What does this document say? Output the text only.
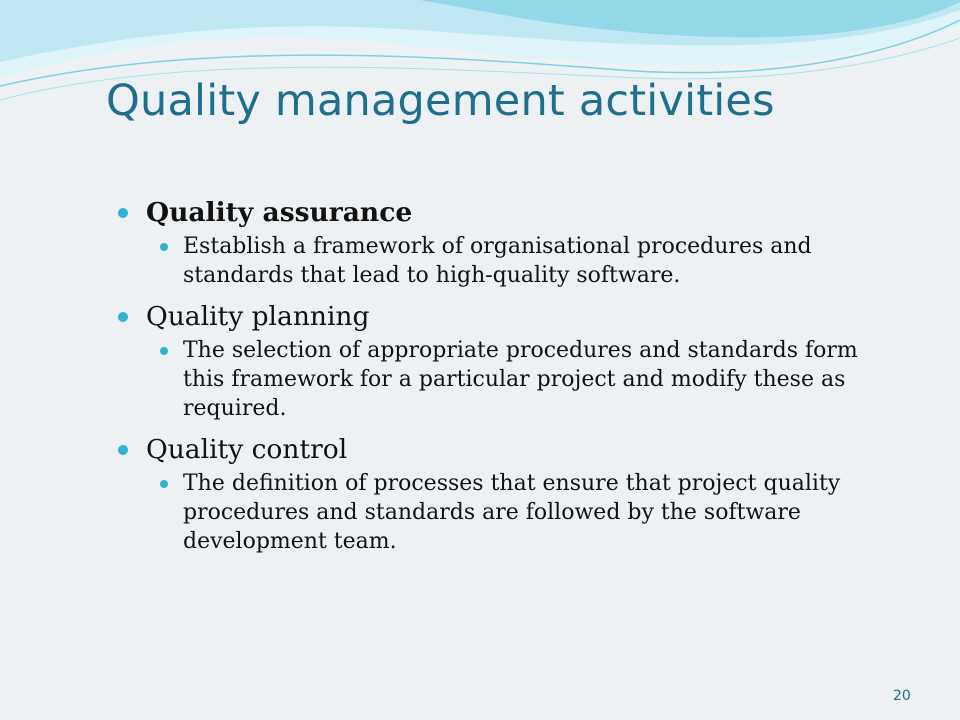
Quality management activities
Quality assurance
Establish a framework of organisational procedures and standards that lead to high-quality software.
Quality planning
The selection of appropriate procedures and standards form this framework for a particular project and modify these as required.
Quality control
The definition of processes that ensure that project quality procedures and standards are followed by the software development team.
20
